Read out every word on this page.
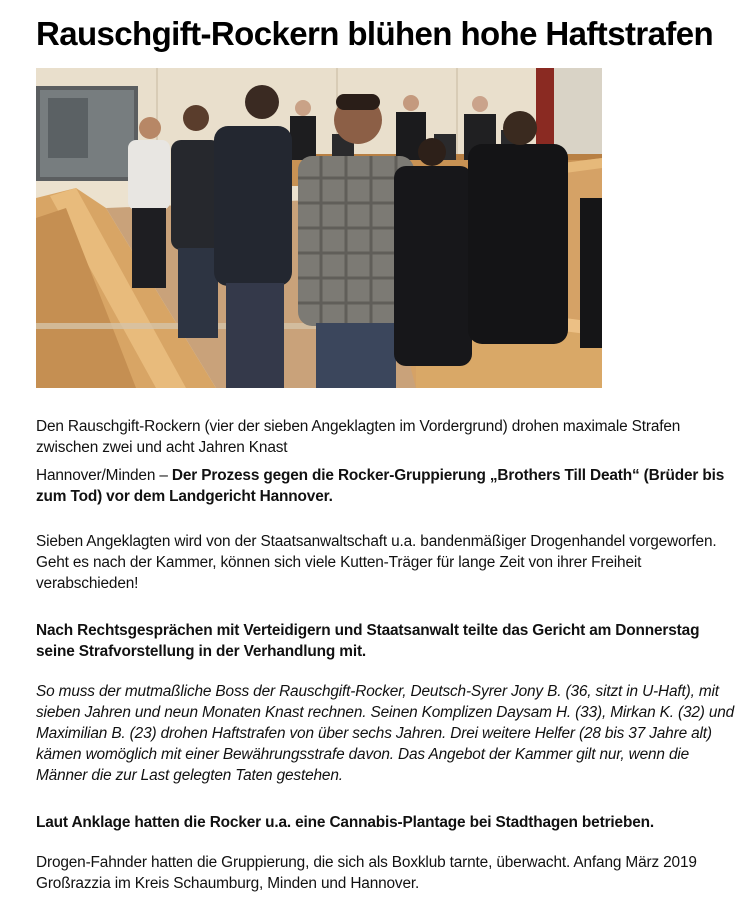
Rauschgift-Rockern blühen hohe Haftstrafen

Den Rauschgift-Rockern (vier der sieben Angeklagten im Vordergrund) drohen maximale Strafen zwischen zwei und acht Jahren Knast

Hannover/Minden – Der Prozess gegen die Rocker-Gruppierung „Brothers Till Death“ (Brüder bis zum Tod) vor dem Landgericht Hannover.

Sieben Angeklagten wird von der Staatsanwaltschaft u.a. bandenmäßiger Drogenhandel vorgeworfen. Geht es nach der Kammer, können sich viele Kutten-Träger für lange Zeit von ihrer Freiheit verabschieden!

Nach Rechtsgesprächen mit Verteidigern und Staatsanwalt teilte das Gericht am Donnerstag seine Strafvorstellung in der Verhandlung mit.

So muss der mutmaßliche Boss der Rauschgift-Rocker, Deutsch-Syrer Jony B. (36, sitzt in U-Haft), mit sieben Jahren und neun Monaten Knast rechnen. Seinen Komplizen Daysam H. (33), Mirkan K. (32) und Maximilian B. (23) drohen Haftstrafen von über sechs Jahren. Drei weitere Helfer (28 bis 37 Jahre alt) kämen womöglich mit einer Bewährungsstrafe davon. Das Angebot der Kammer gilt nur, wenn die Männer die zur Last gelegten Taten gestehen.

Laut Anklage hatten die Rocker u.a. eine Cannabis-Plantage bei Stadthagen betrieben.

Drogen-Fahnder hatten die Gruppierung, die sich als Boxklub tarnte, überwacht. Anfang März 2019 Großrazzia im Kreis Schaumburg, Minden und Hannover.
